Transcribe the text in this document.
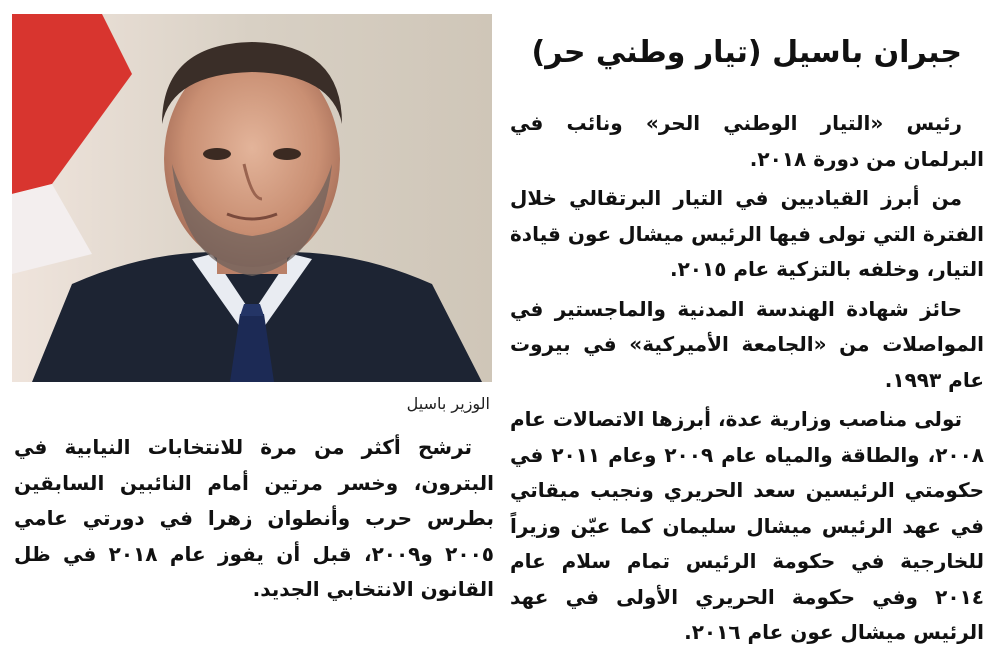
الوزير باسيل
جبران باسيل (تيار وطني حر)

رئيس «التيار الوطني الحر» ونائب في البرلمان من دورة ٢٠١٨.

من أبرز القياديين في التيار البرتقالي خلال الفترة التي تولى فيها الرئيس ميشال عون قيادة التيار، وخلفه بالتزكية عام ٢٠١٥.

حائز شهادة الهندسة المدنية والماجستير في المواصلات من «الجامعة الأميركية» في بيروت عام ١٩٩٣.

تولى مناصب وزارية عدة، أبرزها الاتصالات عام ٢٠٠٨، والطاقة والمياه عام ٢٠٠٩ وعام ٢٠١١ في حكومتي الرئيسين سعد الحريري ونجيب ميقاتي في عهد الرئيس ميشال سليمان كما عيّن وزيراً للخارجية في حكومة الرئيس تمام سلام عام ٢٠١٤ وفي حكومة الحريري الأولى في عهد الرئيس ميشال عون عام ٢٠١٦.

ترشح أكثر من مرة للانتخابات النيابية في البترون، وخسر مرتين أمام النائبين السابقين بطرس حرب وأنطوان زهرا في دورتي عامي ٢٠٠٥ و٢٠٠٩، قبل أن يفوز عام ٢٠١٨ في ظل القانون الانتخابي الجديد.
